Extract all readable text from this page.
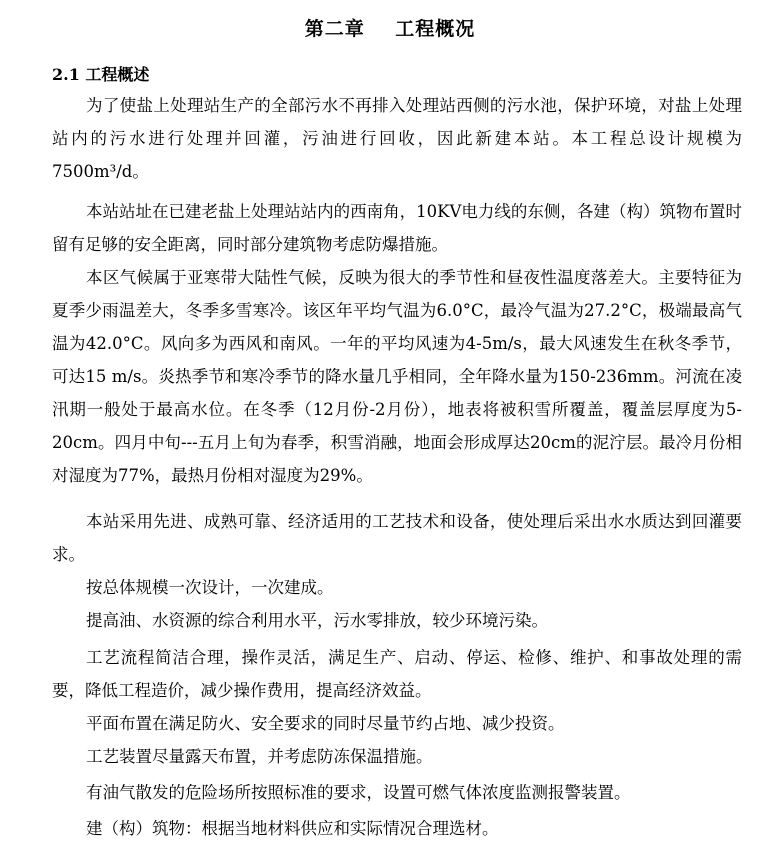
第二章    工程概况
2.1 工程概述

为了使盐上处理站生产的全部污水不再排入处理站西侧的污水池，保护环境，对盐上处理站内的污水进行处理并回灌，污油进行回收，因此新建本站。本工程总设计规模为7500m³/d。

本站站址在已建老盐上处理站站内的西南角，10KV电力线的东侧，各建（构）筑物布置时留有足够的安全距离，同时部分建筑物考虑防爆措施。

本区气候属于亚寒带大陆性气候，反映为很大的季节性和昼夜性温度落差大。主要特征为夏季少雨温差大，冬季多雪寒冷。该区年平均气温为6.0°C，最冷气温为27.2°C，极端最高气温为42.0°C。风向多为西风和南风。一年的平均风速为4-5m/s，最大风速发生在秋冬季节，可达15 m/s。炎热季节和寒冷季节的降水量几乎相同，全年降水量为150-236mm。河流在凌汛期一般处于最高水位。在冬季（12月份-2月份），地表将被积雪所覆盖，覆盖层厚度为5-20cm。四月中旬---五月上旬为春季，积雪消融，地面会形成厚达20cm的泥泞层。最冷月份相对湿度为77%，最热月份相对湿度为29%。

本站采用先进、成熟可靠、经济适用的工艺技术和设备，使处理后采出水水质达到回灌要求。

按总体规模一次设计，一次建成。

提高油、水资源的综合利用水平，污水零排放，较少环境污染。

工艺流程简洁合理，操作灵活，满足生产、启动、停运、检修、维护、和事故处理的需要，降低工程造价，减少操作费用，提高经济效益。

平面布置在满足防火、安全要求的同时尽量节约占地、减少投资。

工艺装置尽量露天布置，并考虑防冻保温措施。

有油气散发的危险场所按照标准的要求，设置可燃气体浓度监测报警装置。

建（构）筑物：根据当地材料供应和实际情况合理选材。
